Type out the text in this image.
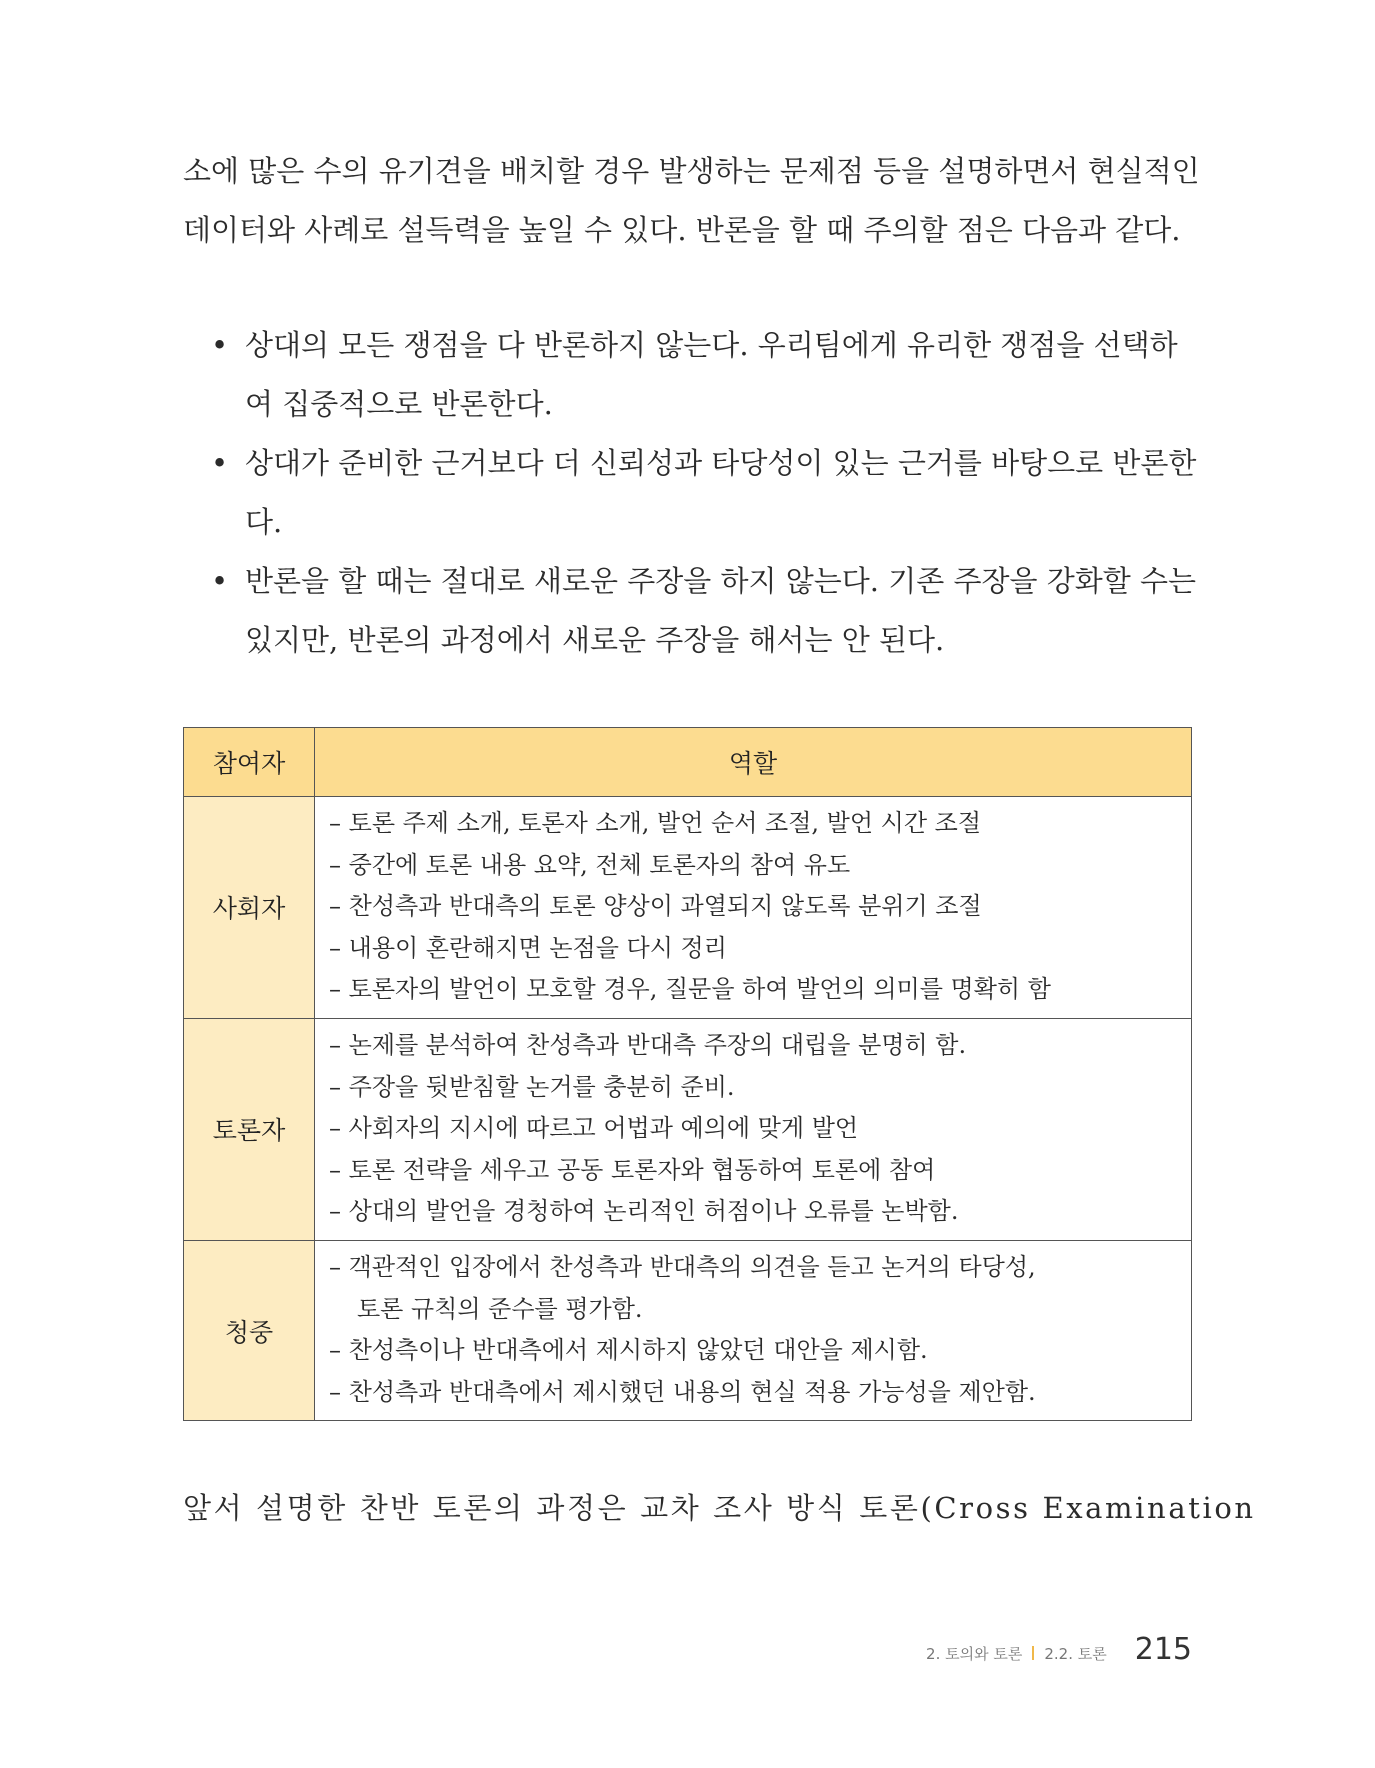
소에 많은 수의 유기견을 배치할 경우 발생하는 문제점 등을 설명하면서 현실적인
데이터와 사례로 설득력을 높일 수 있다. 반론을 할 때 주의할 점은 다음과 같다.

• 상대의 모든 쟁점을 다 반론하지 않는다. 우리팀에게 유리한 쟁점을 선택하
여 집중적으로 반론한다.
• 상대가 준비한 근거보다 더 신뢰성과 타당성이 있는 근거를 바탕으로 반론한
다.
• 반론을 할 때는 절대로 새로운 주장을 하지 않는다. 기존 주장을 강화할 수는
있지만, 반론의 과정에서 새로운 주장을 해서는 안 된다.
참여자	역할
사회자	– 토론 주제 소개, 토론자 소개, 발언 순서 조절, 발언 시간 조절
– 중간에 토론 내용 요약, 전체 토론자의 참여 유도
– 찬성측과 반대측의 토론 양상이 과열되지 않도록 분위기 조절
– 내용이 혼란해지면 논점을 다시 정리
– 토론자의 발언이 모호할 경우, 질문을 하여 발언의 의미를 명확히 함

토론자	– 논제를 분석하여 찬성측과 반대측 주장의 대립을 분명히 함.
– 주장을 뒷받침할 논거를 충분히 준비.
– 사회자의 지시에 따르고 어법과 예의에 맞게 발언
– 토론 전략을 세우고 공동 토론자와 협동하여 토론에 참여
– 상대의 발언을 경청하여 논리적인 허점이나 오류를 논박함.

청중	– 객관적인 입장에서 찬성측과 반대측의 의견을 듣고 논거의 타당성,
토론 규칙의 준수를 평가함.
– 찬성측이나 반대측에서 제시하지 않았던 대안을 제시함.
– 찬성측과 반대측에서 제시했던 내용의 현실 적용 가능성을 제안함.

앞서 설명한 찬반 토론의 과정은 교차 조사 방식 토론(Cross Examination

2. 토의와 토론 2.2. 토론 215
